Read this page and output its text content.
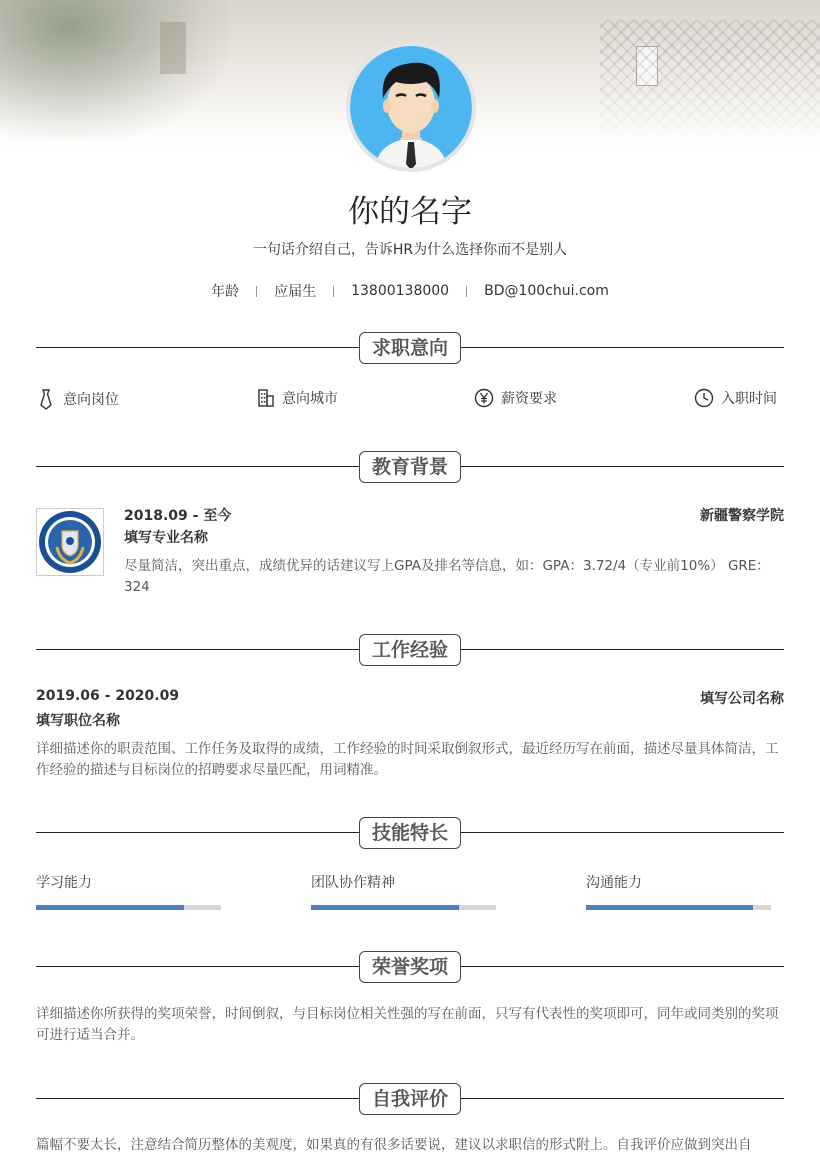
你的名字
一句话介绍自己，告诉HR为什么选择你而不是别人
年龄	应届生	13800138000	BD@100chui.com
求职意向
意向岗位	意向城市	薪资要求	入职时间
教育背景
2018.09 - 至今	新疆警察学院
填写专业名称
尽量简洁，突出重点，成绩优异的话建议写上GPA及排名等信息，如：GPA：3.72/4（专业前10%） GRE：324
工作经验
2019.06 - 2020.09	填写公司名称
填写职位名称
详细描述你的职责范围、工作任务及取得的成绩，工作经验的时间采取倒叙形式，最近经历写在前面，描述尽量具体简洁，工作经验的描述与目标岗位的招聘要求尽量匹配，用词精准。
技能特长
学习能力	团队协作精神	沟通能力
荣誉奖项
详细描述你所获得的奖项荣誉，时间倒叙，与目标岗位相关性强的写在前面，只写有代表性的奖项即可，同年或同类别的奖项可进行适当合并。
自我评价
篇幅不要太长，注意结合简历整体的美观度，如果真的有很多话要说，建议以求职信的形式附上。自我评价应做到突出自
